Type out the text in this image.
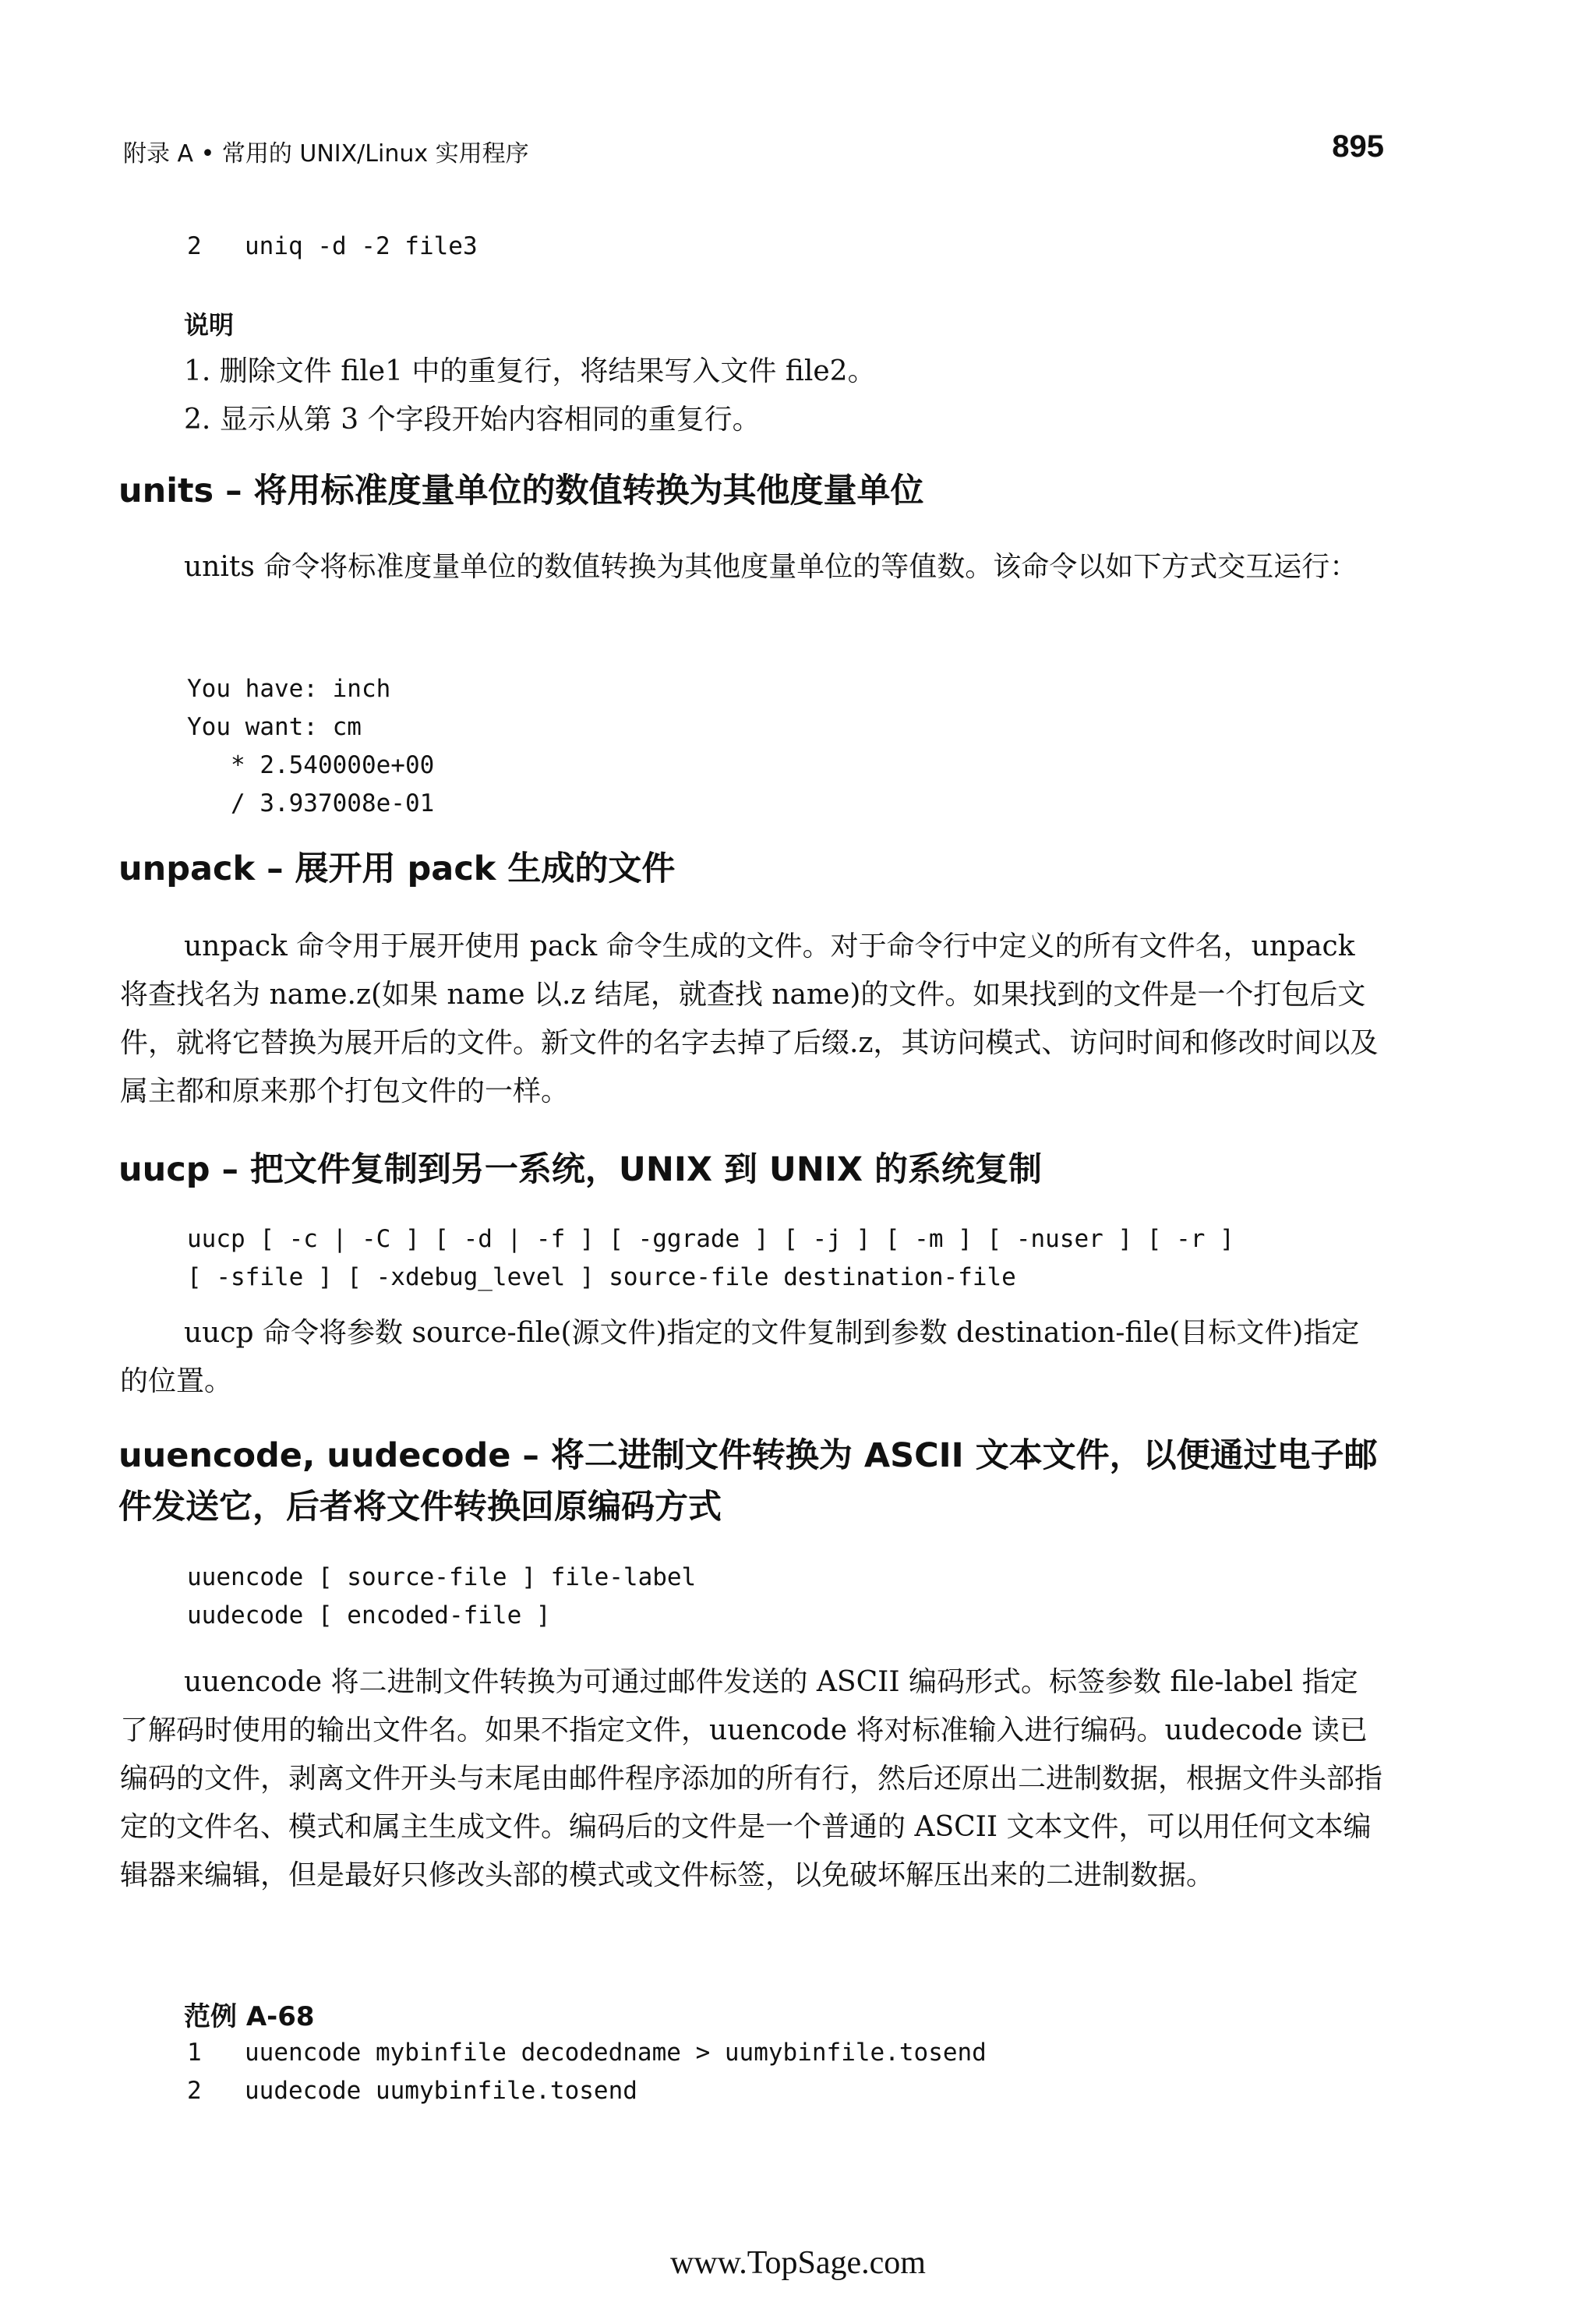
附录 A • 常用的 UNIX/Linux 实用程序	895
2 uniq -d -2 file3
说明
1. 删除文件 file1 中的重复行，将结果写入文件 file2。
2. 显示从第 3 个字段开始内容相同的重复行。
units – 将用标准度量单位的数值转换为其他度量单位

units 命令将标准度量单位的数值转换为其他度量单位的等值数。该命令以如下方式交互运行：

You have: inch
You want: cm
* 2.540000e+00
/ 3.937008e-01
unpack – 展开用 pack 生成的文件

unpack 命令用于展开使用 pack 命令生成的文件。对于命令行中定义的所有文件名，unpack 将查找名为 name.z(如果 name 以.z 结尾，就查找 name)的文件。如果找到的文件是一个打包后文件，就将它替换为展开后的文件。新文件的名字去掉了后缀.z，其访问模式、访问时间和修改时间以及属主都和原来那个打包文件的一样。

uucp – 把文件复制到另一系统，UNIX 到 UNIX 的系统复制
uucp [ -c | -C ] [ -d | -f ] [ -ggrade ] [ -j ] [ -m ] [ -nuser ] [ -r ]
[ -sfile ] [ -xdebug_level ] source-file destination-file

uucp 命令将参数 source-file(源文件)指定的文件复制到参数 destination-file(目标文件)指定的位置。

uuencode, uudecode – 将二进制文件转换为 ASCII 文本文件，以便通过电子邮件发送它，后者将文件转换回原编码方式
uuencode [ source-file ] file-label
uudecode [ encoded-file ]

uuencode 将二进制文件转换为可通过邮件发送的 ASCII 编码形式。标签参数 file-label 指定了解码时使用的输出文件名。如果不指定文件，uuencode 将对标准输入进行编码。uudecode 读已编码的文件，剥离文件开头与末尾由邮件程序添加的所有行，然后还原出二进制数据，根据文件头部指定的文件名、模式和属主生成文件。编码后的文件是一个普通的 ASCII 文本文件，可以用任何文本编辑器来编辑，但是最好只修改头部的模式或文件标签，以免破坏解压出来的二进制数据。

范例 A-68
1 uuencode mybinfile decodedname > uumybinfile.tosend
2 uudecode uumybinfile.tosend
www.TopSage.com
